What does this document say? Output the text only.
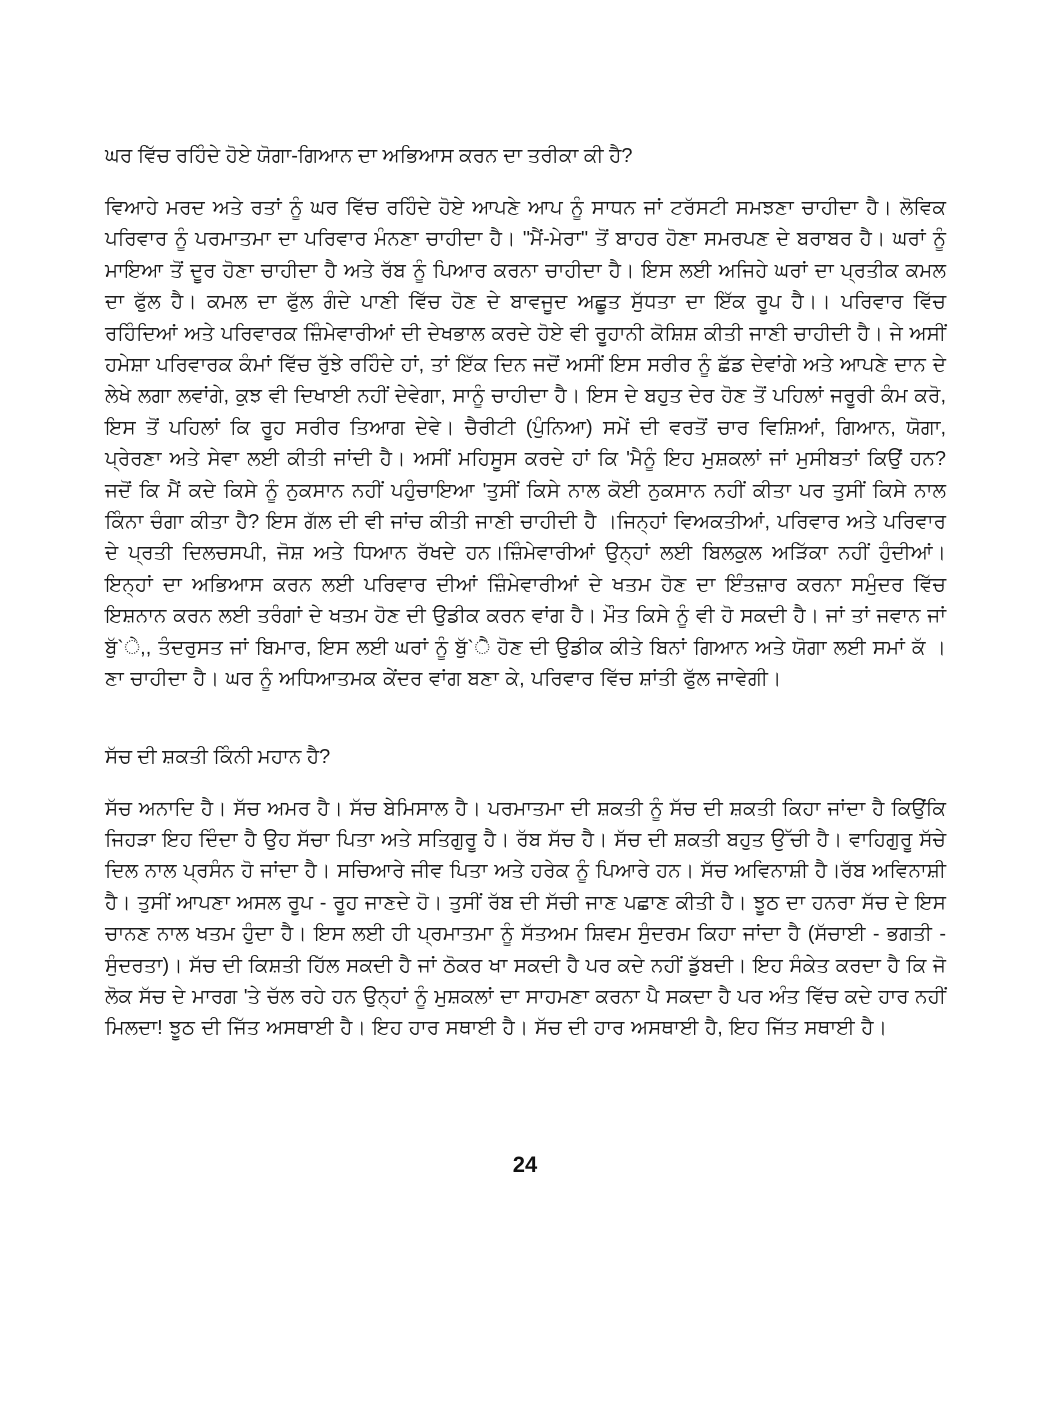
ਘਰ ਵਿੱਚ ਰਹਿੰਦੇ ਹੋਏ ਯੋਗਾ-ਗਿਆਨ ਦਾ ਅਭਿਆਸ ਕਰਨ ਦਾ ਤਰੀਕਾ ਕੀ ਹੈ?

ਵਿਆਹੇ ਮਰਦ ਅਤੇ ਰਤਾਂ ਨੂੰ ਘਰ ਵਿੱਚ ਰਹਿੰਦੇ ਹੋਏ ਆਪਣੇ ਆਪ ਨੂੰ ਸਾਧਨ ਜਾਂ ਟਰੱਸਟੀ ਸਮਝਣਾ ਚਾਹੀਦਾ ਹੈ। ਲੋਵਿਕ ਪਰਿਵਾਰ ਨੂੰ ਪਰਮਾਤਮਾ ਦਾ ਪਰਿਵਾਰ ਮੰਨਣਾ ਚਾਹੀਦਾ ਹੈ। "ਮੈਂ-ਮੇਰਾ" ਤੋਂ ਬਾਹਰ ਹੋਣਾ ਸਮਰਪਣ ਦੇ ਬਰਾਬਰ ਹੈ। ਘਰਾਂ ਨੂੰ ਮਾਇਆ ਤੋਂ ਦੂਰ ਹੋਣਾ ਚਾਹੀਦਾ ਹੈ ਅਤੇ ਰੱਬ ਨੂੰ ਪਿਆਰ ਕਰਨਾ ਚਾਹੀਦਾ ਹੈ। ਇਸ ਲਈ ਅਜਿਹੇ ਘਰਾਂ ਦਾ ਪ੍ਰਤੀਕ ਕਮਲ ਦਾ ਫੁੱਲ ਹੈ। ਕਮਲ ਦਾ ਫੁੱਲ ਗੰਦੇ ਪਾਣੀ ਵਿੱਚ ਹੋਣ ਦੇ ਬਾਵਜੂਦ ਅਛੂਤ ਸੁੱਧਤਾ ਦਾ ਇੱਕ ਰੂਪ ਹੈ।। ਪਰਿਵਾਰ ਵਿੱਚ ਰਹਿੰਦਿਆਂ ਅਤੇ ਪਰਿਵਾਰਕ ਜ਼ਿੰਮੇਵਾਰੀਆਂ ਦੀ ਦੇਖਭਾਲ ਕਰਦੇ ਹੋਏ ਵੀ ਰੂਹਾਨੀ ਕੋਸ਼ਿਸ਼ ਕੀਤੀ ਜਾਣੀ ਚਾਹੀਦੀ ਹੈ। ਜੇ ਅਸੀਂ ਹਮੇਸ਼ਾ ਪਰਿਵਾਰਕ ਕੰਮਾਂ ਵਿੱਚ ਰੁੱਝੇ ਰਹਿੰਦੇ ਹਾਂ, ਤਾਂ ਇੱਕ ਦਿਨ ਜਦੋਂ ਅਸੀਂ ਇਸ ਸਰੀਰ ਨੂੰ ਛੱਡ ਦੇਵਾਂਗੇ ਅਤੇ ਆਪਣੇ ਦਾਨ ਦੇ ਲੇਖੇ ਲਗਾ ਲਵਾਂਗੇ, ਕੁਝ ਵੀ ਦਿਖਾਈ ਨਹੀਂ ਦੇਵੇਗਾ, ਸਾਨੂੰ ਚਾਹੀਦਾ ਹੈ। ਇਸ ਦੇ ਬਹੁਤ ਦੇਰ ਹੋਣ ਤੋਂ ਪਹਿਲਾਂ ਜਰੂਰੀ ਕੰਮ ਕਰੋ, ਇਸ ਤੋਂ ਪਹਿਲਾਂ ਕਿ ਰੂਹ ਸਰੀਰ ਤਿਆਗ ਦੇਵੇ। ਚੈਰੀਟੀ (ਪੁੰਨਿਆ) ਸਮੇਂ ਦੀ ਵਰਤੋਂ ਚਾਰ ਵਿਸ਼ਿਆਂ, ਗਿਆਨ, ਯੋਗਾ, ਪ੍ਰੇਰਣਾ ਅਤੇ ਸੇਵਾ ਲਈ ਕੀਤੀ ਜਾਂਦੀ ਹੈ। ਅਸੀਂ ਮਹਿਸੂਸ ਕਰਦੇ ਹਾਂ ਕਿ 'ਮੈਨੂੰ ਇਹ ਮੁਸ਼ਕਲਾਂ ਜਾਂ ਮੁਸੀਬਤਾਂ ਕਿਉਂ ਹਨ? ਜਦੋਂ ਕਿ ਮੈਂ ਕਦੇ ਕਿਸੇ ਨੂੰ ਨੁਕਸਾਨ ਨਹੀਂ ਪਹੁੰਚਾਇਆ 'ਤੁਸੀਂ ਕਿਸੇ ਨਾਲ ਕੋਈ ਨੁਕਸਾਨ ਨਹੀਂ ਕੀਤਾ ਪਰ ਤੁਸੀਂ ਕਿਸੇ ਨਾਲ ਕਿੰਨਾ ਚੰਗਾ ਕੀਤਾ ਹੈ? ਇਸ ਗੱਲ ਦੀ ਵੀ ਜਾਂਚ ਕੀਤੀ ਜਾਣੀ ਚਾਹੀਦੀ ਹੈ ।ਜਿਨ੍ਹਾਂ ਵਿਅਕਤੀਆਂ, ਪਰਿਵਾਰ ਅਤੇ ਪਰਿਵਾਰ ਦੇ ਪ੍ਰਤੀ ਦਿਲਚਸਪੀ, ਜੋਸ਼ ਅਤੇ ਧਿਆਨ ਰੱਖਦੇ ਹਨ।ਜ਼ਿੰਮੇਵਾਰੀਆਂ ਉਨ੍ਹਾਂ ਲਈ ਬਿਲਕੁਲ ਅੜਿੱਕਾ ਨਹੀਂ ਹੁੰਦੀਆਂ। ਇਨ੍ਹਾਂ ਦਾ ਅਭਿਆਸ ਕਰਨ ਲਈ ਪਰਿਵਾਰ ਦੀਆਂ ਜ਼ਿੰਮੇਵਾਰੀਆਂ ਦੇ ਖਤਮ ਹੋਣ ਦਾ ਇੰਤਜ਼ਾਰ ਕਰਨਾ ਸਮੁੰਦਰ ਵਿੱਚ ਇਸ਼ਨਾਨ ਕਰਨ ਲਈ ਤਰੰਗਾਂ ਦੇ ਖਤਮ ਹੋਣ ਦੀ ਉਡੀਕ ਕਰਨ ਵਾਂਗ ਹੈ। ਮੌਤ ਕਿਸੇ ਨੂੰ ਵੀ ਹੋ ਸਕਦੀ ਹੈ। ਜਾਂ ਤਾਂ ਜਵਾਨ ਜਾਂ ਬੁੱ`ੇ,, ਤੰਦਰੁਸਤ ਜਾਂ ਬਿਮਾਰ, ਇਸ ਲਈ ਘਰਾਂ ਨੂੰ ਬੁੱ`ੈ ਹੋਣ ਦੀ ਉਡੀਕ ਕੀਤੇ ਬਿਨਾਂ ਗਿਆਨ ਅਤੇ ਯੋਗਾ ਲਈ ਸਮਾਂ ਕੱ ।ਣਾ ਚਾਹੀਦਾ ਹੈ। ਘਰ ਨੂੰ ਅਧਿਆਤਮਕ ਕੇਂਦਰ ਵਾਂਗ ਬਣਾ ਕੇ, ਪਰਿਵਾਰ ਵਿੱਚ ਸ਼ਾਂਤੀ ਫੁੱਲ ਜਾਵੇਗੀ।

ਸੱਚ ਦੀ ਸ਼ਕਤੀ ਕਿੰਨੀ ਮਹਾਨ ਹੈ?

ਸੱਚ ਅਨਾਦਿ ਹੈ। ਸੱਚ ਅਮਰ ਹੈ। ਸੱਚ ਬੇਮਿਸਾਲ ਹੈ। ਪਰਮਾਤਮਾ ਦੀ ਸ਼ਕਤੀ ਨੂੰ ਸੱਚ ਦੀ ਸ਼ਕਤੀ ਕਿਹਾ ਜਾਂਦਾ ਹੈ ਕਿਉਂਕਿ ਜਿਹੜਾ ਇਹ ਦਿੰਦਾ ਹੈ ਉਹ ਸੱਚਾ ਪਿਤਾ ਅਤੇ ਸਤਿਗੁਰੂ ਹੈ। ਰੱਬ ਸੱਚ ਹੈ। ਸੱਚ ਦੀ ਸ਼ਕਤੀ ਬਹੁਤ ਉੱਚੀ ਹੈ। ਵਾਹਿਗੁਰੂ ਸੱਚੇ ਦਿਲ ਨਾਲ ਪ੍ਰਸੰਨ ਹੋ ਜਾਂਦਾ ਹੈ। ਸਚਿਆਰੇ ਜੀਵ ਪਿਤਾ ਅਤੇ ਹਰੇਕ ਨੂੰ ਪਿਆਰੇ ਹਨ। ਸੱਚ ਅਵਿਨਾਸ਼ੀ ਹੈ।ਰੱਬ ਅਵਿਨਾਸ਼ੀ ਹੈ। ਤੁਸੀਂ ਆਪਣਾ ਅਸਲ ਰੂਪ - ਰੂਹ ਜਾਣਦੇ ਹੋ। ਤੁਸੀਂ ਰੱਬ ਦੀ ਸੱਚੀ ਜਾਣ ਪਛਾਣ ਕੀਤੀ ਹੈ। ਝੂਠ ਦਾ ਹਨਰਾ ਸੱਚ ਦੇ ਇਸ ਚਾਨਣ ਨਾਲ ਖਤਮ ਹੁੰਦਾ ਹੈ। ਇਸ ਲਈ ਹੀ ਪ੍ਰਮਾਤਮਾ ਨੂੰ ਸੱਤਅਮ ਸ਼ਿਵਮ ਸੁੰਦਰਮ ਕਿਹਾ ਜਾਂਦਾ ਹੈ (ਸੱਚਾਈ - ਭਗਤੀ - ਸੁੰਦਰਤਾ)। ਸੱਚ ਦੀ ਕਿਸ਼ਤੀ ਹਿੱਲ ਸਕਦੀ ਹੈ ਜਾਂ ਠੋਕਰ ਖਾ ਸਕਦੀ ਹੈ ਪਰ ਕਦੇ ਨਹੀਂ ਡੁੱਬਦੀ। ਇਹ ਸੰਕੇਤ ਕਰਦਾ ਹੈ ਕਿ ਜੋ ਲੋਕ ਸੱਚ ਦੇ ਮਾਰਗ 'ਤੇ ਚੱਲ ਰਹੇ ਹਨ ਉਨ੍ਹਾਂ ਨੂੰ ਮੁਸ਼ਕਲਾਂ ਦਾ ਸਾਹਮਣਾ ਕਰਨਾ ਪੈ ਸਕਦਾ ਹੈ ਪਰ ਅੰਤ ਵਿੱਚ ਕਦੇ ਹਾਰ ਨਹੀਂ ਮਿਲਦਾ! ਝੂਠ ਦੀ ਜਿੱਤ ਅਸਥਾਈ ਹੈ। ਇਹ ਹਾਰ ਸਥਾਈ ਹੈ। ਸੱਚ ਦੀ ਹਾਰ ਅਸਥਾਈ ਹੈ, ਇਹ ਜਿੱਤ ਸਥਾਈ ਹੈ।

24
